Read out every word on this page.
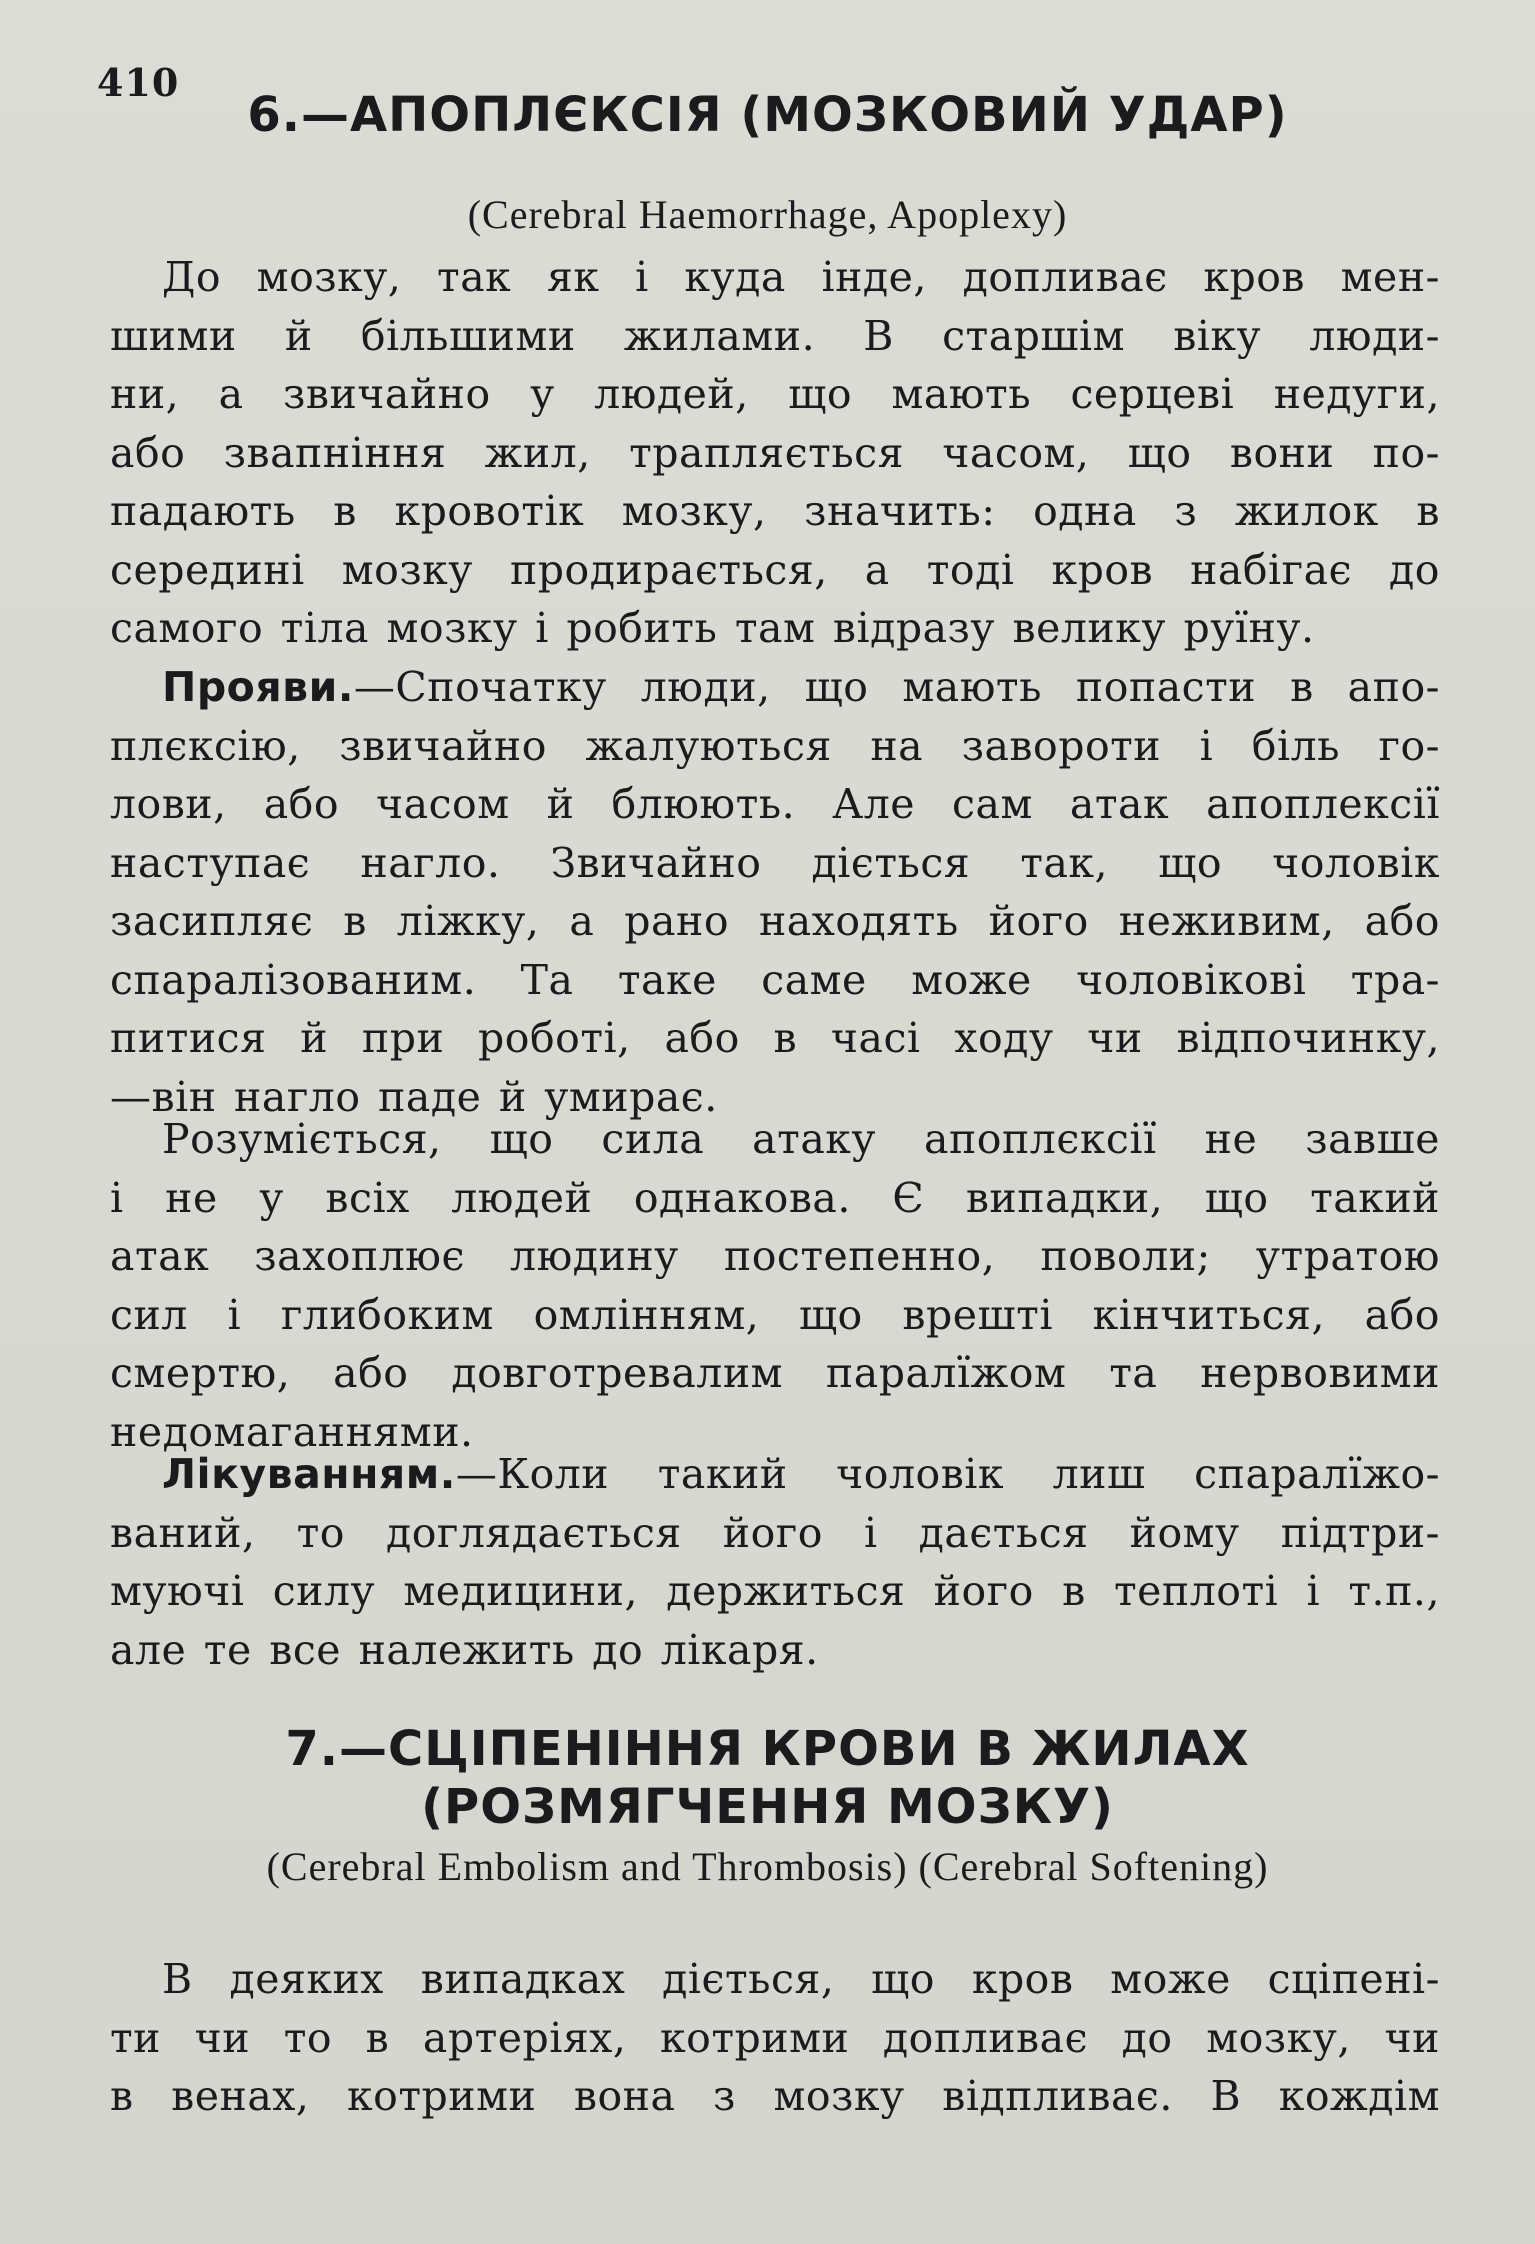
410
6.—АПОПЛЄКСІЯ (МОЗКОВИЙ УДАР)
(Cerebral Haemorrhage, Apoplexy)
До мозку, так як і куда інде, допливає кров мен-
шими й більшими жилами. В старшім віку люди-
ни, а звичайно у людей, що мають серцеві недуги,
або звапніння жил, трапляється часом, що вони по-
падають в кровотік мозку, значить: одна з жилок в
середині мозку продирається, а тоді кров набігає до
самого тіла мозку і робить там відразу велику руїну.
Прояви.—Спочатку люди, що мають попасти в апо-
плєксію, звичайно жалуються на завороти і біль го-
лови, або часом й блюють. Але сам атак апоплексії
наступає нагло. Звичайно діється так, що чоловік
засипляє в ліжку, а рано находять його неживим, або
спаралізованим. Та таке саме може чоловікові тра-
питися й при роботі, або в часі ходу чи відпочинку,
—він нагло паде й умирає.
Розуміється, що сила атаку апоплєксії не завше
і не у всіх людей однакова. Є випадки, що такий
атак захоплює людину постепенно, поволи; утратою
сил і глибоким омлінням, що врешті кінчиться, або
смертю, або довготревалим паралїжом та нервовими
недомаганнями.
Лікуванням.—Коли такий чоловік лиш спаралїжо-
ваний, то доглядається його і дається йому підтри-
муючі силу медицини, держиться його в теплоті і т.п.,
але те все належить до лікаря.
7.—СЦІПЕНІННЯ КРОВИ В ЖИЛАХ
(РОЗМЯГЧЕННЯ МОЗКУ)
(Cerebral Embolism and Thrombosis) (Cerebral Softening)
В деяких випадках діється, що кров може сціпені-
ти чи то в артеріях, котрими допливає до мозку, чи
в венах, котрими вона з мозку відпливає. В кождім
